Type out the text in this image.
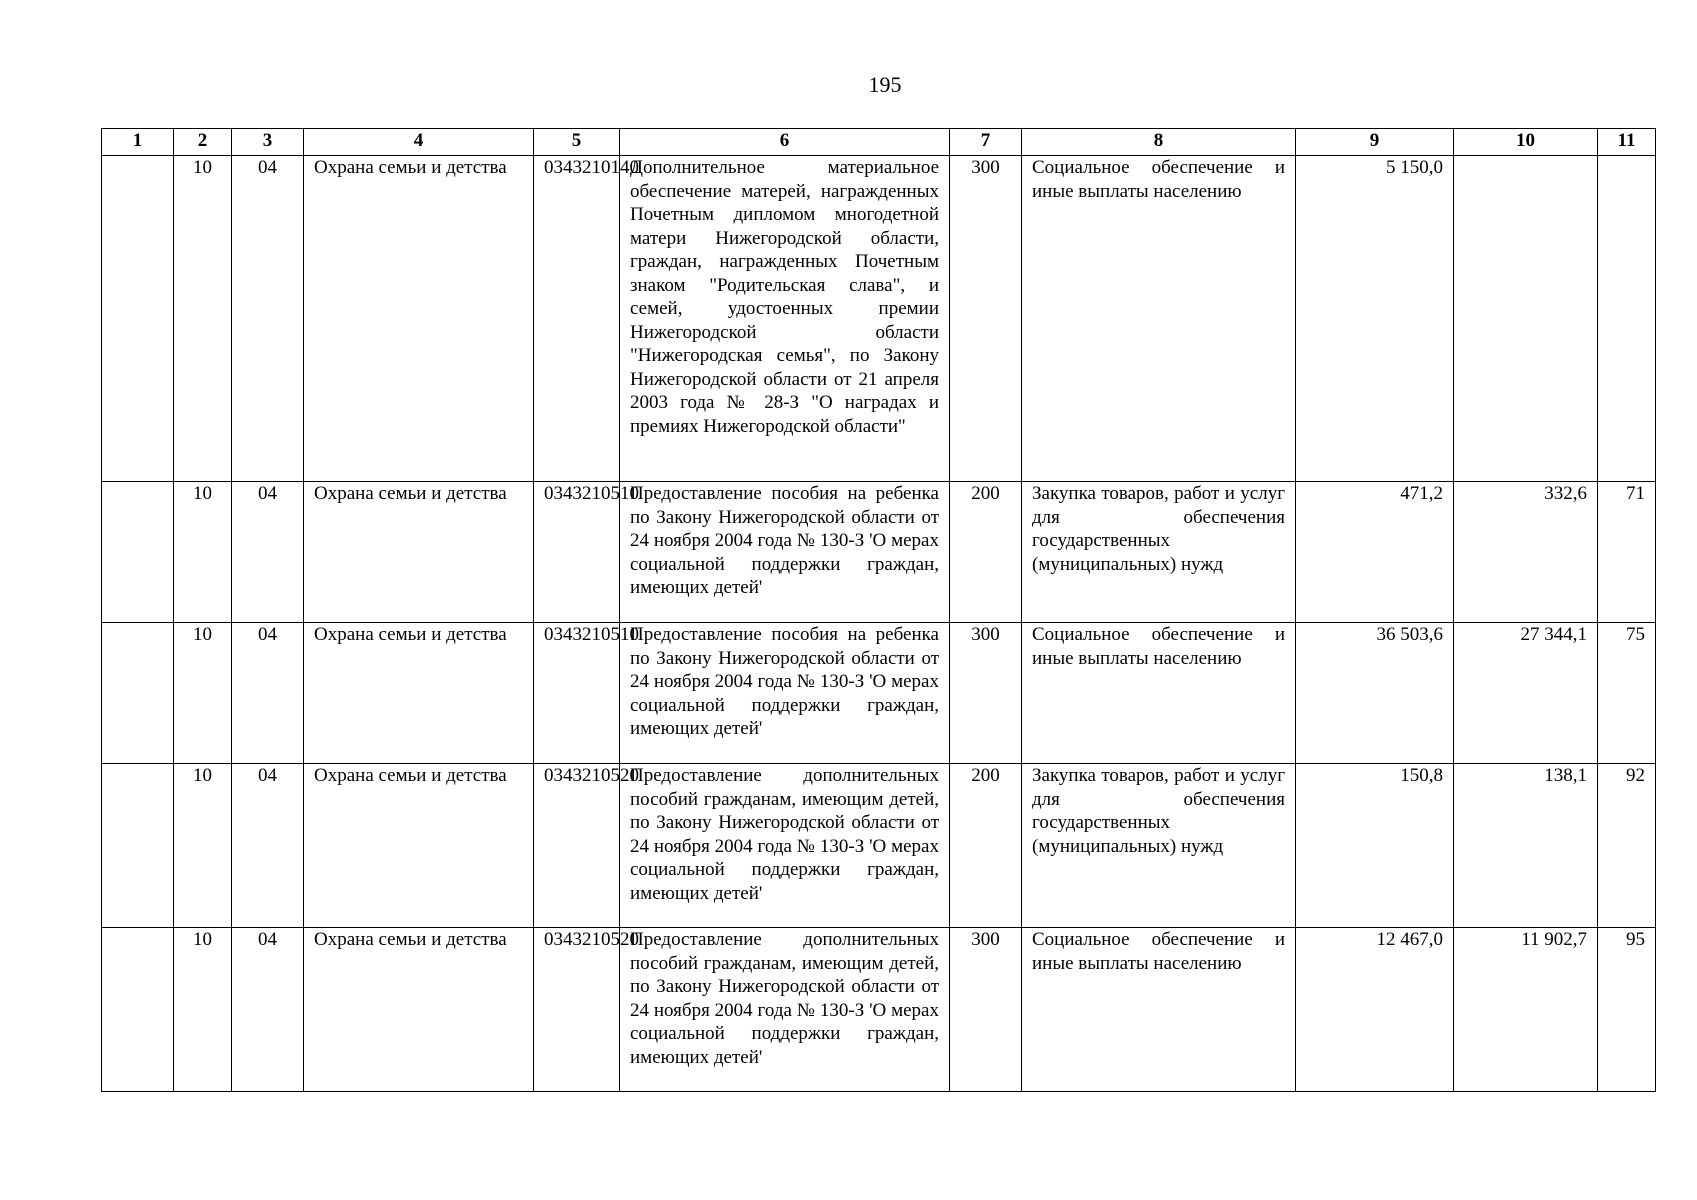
195
1	2	3	4	5	6	7	8	9	10	11
	10	04	Охрана семьи и детства	0343210140	Дополнительное материальное обеспечение матерей, награжденных Почетным дипломом многодетной матери Нижегородской области, граждан, награжденных Почетным знаком "Родительская слава", и семей, удостоенных премии Нижегородской области "Нижегородская семья", по Закону Нижегородской области от 21 апреля 2003 года № 28-З "О наградах и премиях Нижегородской области"	300	Социальное обеспечение и иные выплаты населению	5 150,0		
	10	04	Охрана семьи и детства	0343210510	Предоставление пособия на ребенка по Закону Нижегородской области от 24 ноября 2004 года № 130-З 'О мерах социальной поддержки граждан, имеющих детей'	200	Закупка товаров, работ и услуг для обеспечения государственных (муниципальных) нужд	471,2	332,6	71
	10	04	Охрана семьи и детства	0343210510	Предоставление пособия на ребенка по Закону Нижегородской области от 24 ноября 2004 года № 130-З 'О мерах социальной поддержки граждан, имеющих детей'	300	Социальное обеспечение и иные выплаты населению	36 503,6	27 344,1	75
	10	04	Охрана семьи и детства	0343210520	Предоставление дополнительных пособий гражданам, имеющим детей, по Закону Нижегородской области от 24 ноября 2004 года № 130-З 'О мерах социальной поддержки граждан, имеющих детей'	200	Закупка товаров, работ и услуг для обеспечения государственных (муниципальных) нужд	150,8	138,1	92
	10	04	Охрана семьи и детства	0343210520	Предоставление дополнительных пособий гражданам, имеющим детей, по Закону Нижегородской области от 24 ноября 2004 года № 130-З 'О мерах социальной поддержки граждан, имеющих детей'	300	Социальное обеспечение и иные выплаты населению	12 467,0	11 902,7	95
